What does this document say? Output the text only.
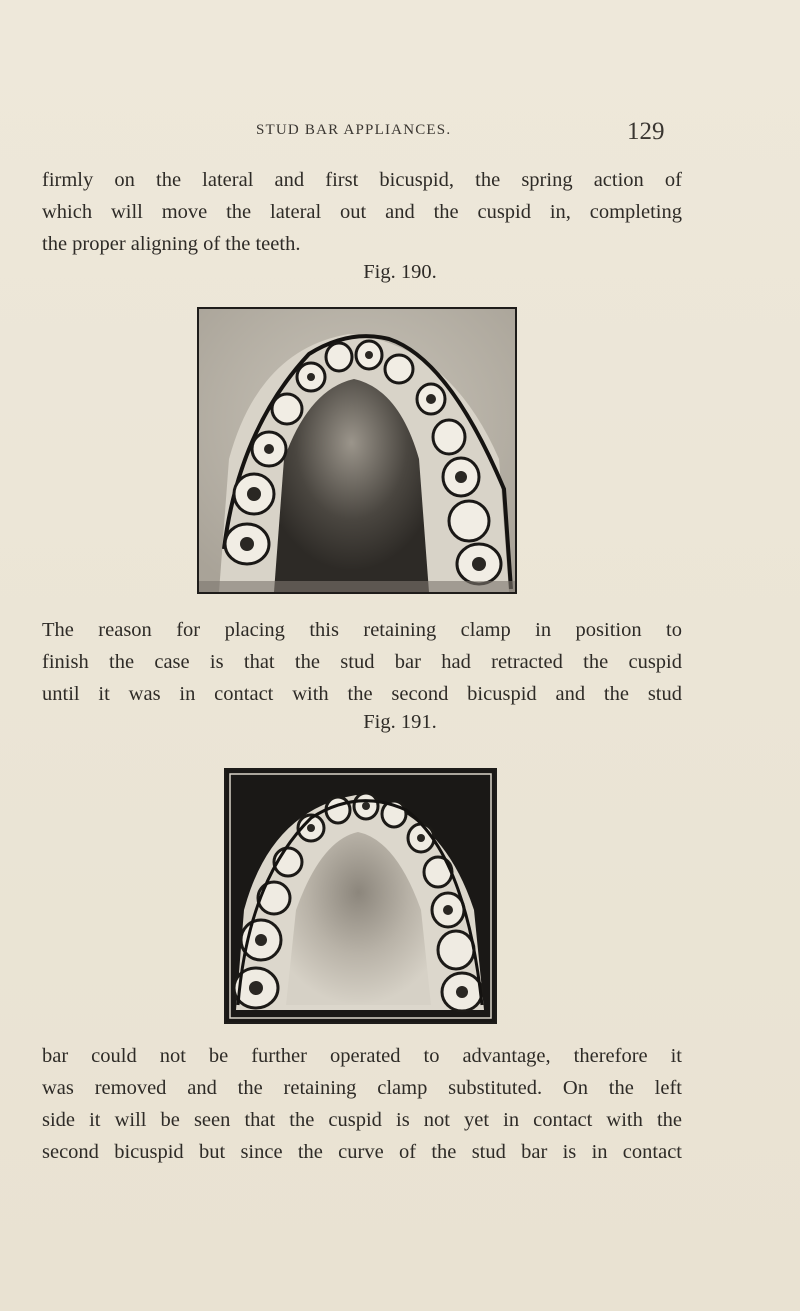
STUD BAR APPLIANCES.	129
firmly on the lateral and first bicuspid, the spring action of
which will move the lateral out and the cuspid in, completing
the proper aligning of the teeth.
Fig. 190.
The reason for placing this retaining clamp in position to
finish the case is that the stud bar had retracted the cuspid
until it was in contact with the second bicuspid and the stud
Fig. 191.
bar could not be further operated to advantage, therefore it
was removed and the retaining clamp substituted. On the left
side it will be seen that the cuspid is not yet in contact with the
second bicuspid but since the curve of the stud bar is in contact
